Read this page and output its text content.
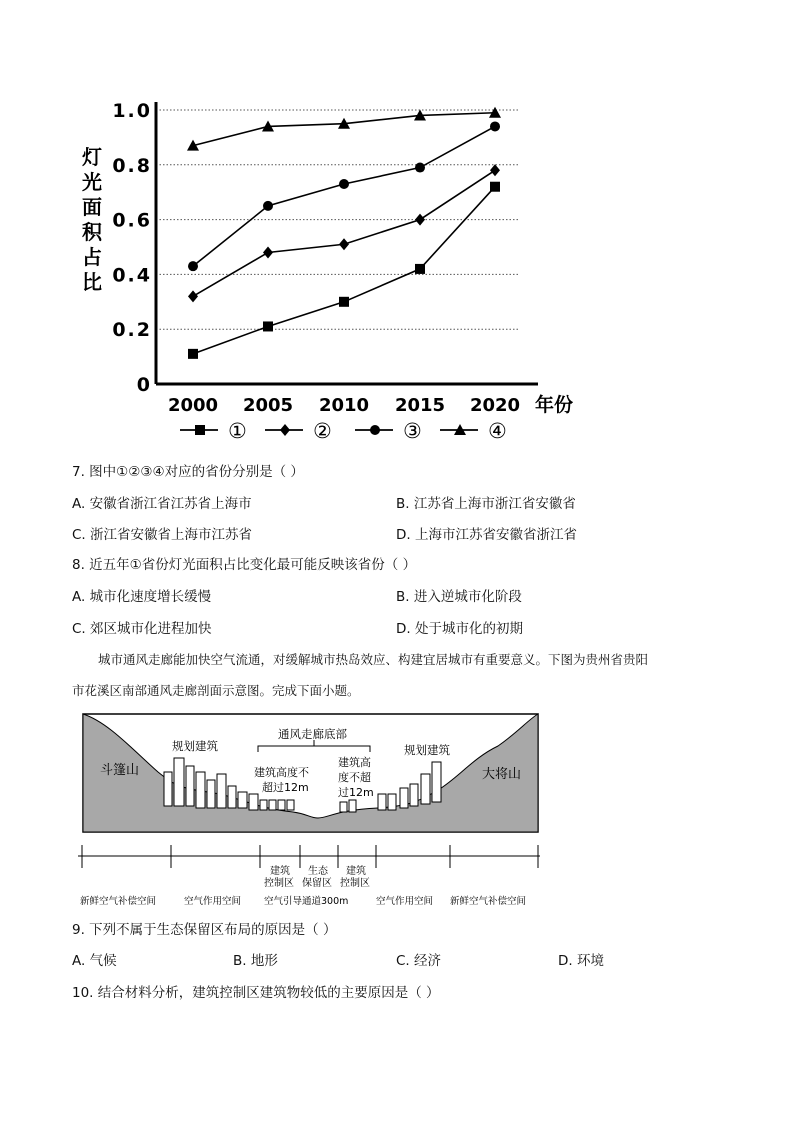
0
0.2
0.4
0.6
0.8
1.0
2000 2005 2010 2015 2020
灯光面积占比
年份
①	②	③	④
7. 图中①②③④对应的省份分别是（ ）
A. 安徽省浙江省江苏省上海市	B. 江苏省上海市浙江省安徽省
C. 浙江省安徽省上海市江苏省	D. 上海市江苏省安徽省浙江省
8. 近五年①省份灯光面积占比变化最可能反映该省份（ ）
A. 城市化速度增长缓慢	B. 进入逆城市化阶段
C. 郊区城市化进程加快	D. 处于城市化的初期
城市通风走廊能加快空气流通，对缓解城市热岛效应、构建宜居城市有重要意义。下图为贵州省贵阳
市花溪区南部通风走廊剖面示意图。完成下面小题。
斗篷山	大将山
规划建筑	规划建筑
通风走廊底部
建筑高度不
超过12m
建筑高
度不超
过12m
建筑
控制区
生态
保留区
建筑
控制区
新鲜空气补偿空间	空气作用空间 空气引导通道300m	空气作用空间 新鲜空气补偿空间
9. 下列不属于生态保留区布局的原因是（ ）
A. 气候	B. 地形	C. 经济	D. 环境
10. 结合材料分析，建筑控制区建筑物较低的主要原因是（ ）
